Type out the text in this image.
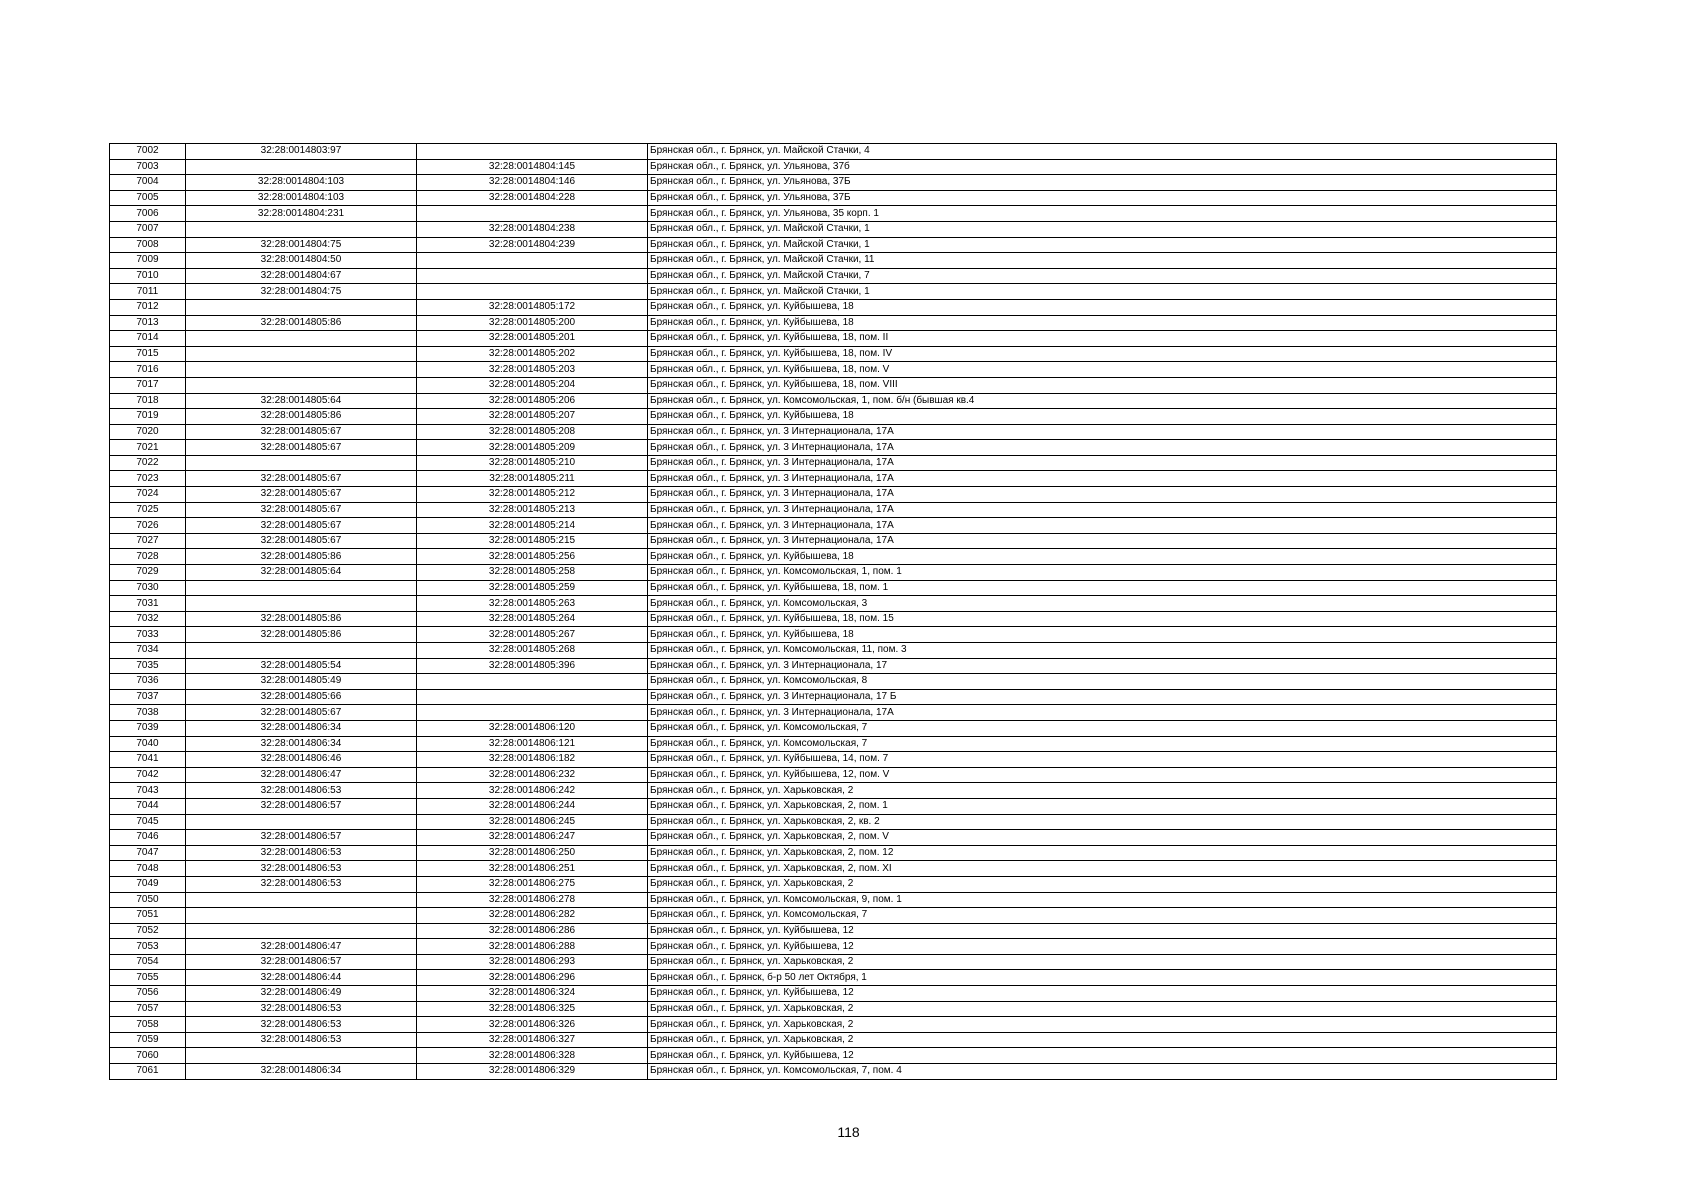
7002	32:28:0014803:97		Брянская обл., г. Брянск, ул. Майской Стачки, 4
7003		32:28:0014804:145	Брянская обл., г. Брянск, ул. Ульянова, 37б
7004	32:28:0014804:103	32:28:0014804:146	Брянская обл., г. Брянск, ул. Ульянова, 37Б
7005	32:28:0014804:103	32:28:0014804:228	Брянская обл., г. Брянск, ул. Ульянова, 37Б
7006	32:28:0014804:231		Брянская обл., г. Брянск, ул. Ульянова, 35 корп. 1
7007		32:28:0014804:238	Брянская обл., г. Брянск, ул. Майской Стачки, 1
7008	32:28:0014804:75	32:28:0014804:239	Брянская обл., г. Брянск, ул. Майской Стачки, 1
7009	32:28:0014804:50		Брянская обл., г. Брянск, ул. Майской Стачки, 11
7010	32:28:0014804:67		Брянская обл., г. Брянск, ул. Майской Стачки, 7
7011	32:28:0014804:75		Брянская обл., г. Брянск, ул. Майской Стачки, 1
7012		32:28:0014805:172	Брянская обл., г. Брянск, ул. Куйбышева, 18
7013	32:28:0014805:86	32:28:0014805:200	Брянская обл., г. Брянск, ул. Куйбышева, 18
7014		32:28:0014805:201	Брянская обл., г. Брянск, ул. Куйбышева, 18, пом. II
7015		32:28:0014805:202	Брянская обл., г. Брянск, ул. Куйбышева, 18, пом. IV
7016		32:28:0014805:203	Брянская обл., г. Брянск, ул. Куйбышева, 18, пом. V
7017		32:28:0014805:204	Брянская обл., г. Брянск, ул. Куйбышева, 18, пом. VIII
7018	32:28:0014805:64	32:28:0014805:206	Брянская обл., г. Брянск, ул. Комсомольская, 1, пом. б/н (бывшая кв.4
7019	32:28:0014805:86	32:28:0014805:207	Брянская обл., г. Брянск, ул. Куйбышева, 18
7020	32:28:0014805:67	32:28:0014805:208	Брянская обл., г. Брянск, ул. 3 Интернационала, 17А
7021	32:28:0014805:67	32:28:0014805:209	Брянская обл., г. Брянск, ул. 3 Интернационала, 17А
7022		32:28:0014805:210	Брянская обл., г. Брянск, ул. 3 Интернационала, 17А
7023	32:28:0014805:67	32:28:0014805:211	Брянская обл., г. Брянск, ул. 3 Интернационала, 17А
7024	32:28:0014805:67	32:28:0014805:212	Брянская обл., г. Брянск, ул. 3 Интернационала, 17А
7025	32:28:0014805:67	32:28:0014805:213	Брянская обл., г. Брянск, ул. 3 Интернационала, 17А
7026	32:28:0014805:67	32:28:0014805:214	Брянская обл., г. Брянск, ул. 3 Интернационала, 17А
7027	32:28:0014805:67	32:28:0014805:215	Брянская обл., г. Брянск, ул. 3 Интернационала, 17А
7028	32:28:0014805:86	32:28:0014805:256	Брянская обл., г. Брянск, ул. Куйбышева, 18
7029	32:28:0014805:64	32:28:0014805:258	Брянская обл., г. Брянск, ул. Комсомольская, 1, пом. 1
7030		32:28:0014805:259	Брянская обл., г. Брянск, ул. Куйбышева, 18, пом. 1
7031		32:28:0014805:263	Брянская обл., г. Брянск, ул. Комсомольская, 3
7032	32:28:0014805:86	32:28:0014805:264	Брянская обл., г. Брянск, ул. Куйбышева, 18, пом. 15
7033	32:28:0014805:86	32:28:0014805:267	Брянская обл., г. Брянск, ул. Куйбышева, 18
7034		32:28:0014805:268	Брянская обл., г. Брянск, ул. Комсомольская, 11, пом. 3
7035	32:28:0014805:54	32:28:0014805:396	Брянская обл., г. Брянск, ул. 3 Интернационала, 17
7036	32:28:0014805:49		Брянская обл., г. Брянск, ул. Комсомольская, 8
7037	32:28:0014805:66		Брянская обл., г. Брянск, ул. 3 Интернационала, 17 Б
7038	32:28:0014805:67		Брянская обл., г. Брянск, ул. 3 Интернационала, 17А
7039	32:28:0014806:34	32:28:0014806:120	Брянская обл., г. Брянск, ул. Комсомольская, 7
7040	32:28:0014806:34	32:28:0014806:121	Брянская обл., г. Брянск, ул. Комсомольская, 7
7041	32:28:0014806:46	32:28:0014806:182	Брянская обл., г. Брянск, ул. Куйбышева, 14, пом. 7
7042	32:28:0014806:47	32:28:0014806:232	Брянская обл., г. Брянск, ул. Куйбышева, 12, пом. V
7043	32:28:0014806:53	32:28:0014806:242	Брянская обл., г. Брянск, ул. Харьковская, 2
7044	32:28:0014806:57	32:28:0014806:244	Брянская обл., г. Брянск, ул. Харьковская, 2, пом. 1
7045		32:28:0014806:245	Брянская обл., г. Брянск, ул. Харьковская, 2, кв. 2
7046	32:28:0014806:57	32:28:0014806:247	Брянская обл., г. Брянск, ул. Харьковская, 2, пом. V
7047	32:28:0014806:53	32:28:0014806:250	Брянская обл., г. Брянск, ул. Харьковская, 2, пом. 12
7048	32:28:0014806:53	32:28:0014806:251	Брянская обл., г. Брянск, ул. Харьковская, 2, пом. XI
7049	32:28:0014806:53	32:28:0014806:275	Брянская обл., г. Брянск, ул. Харьковская, 2
7050		32:28:0014806:278	Брянская обл., г. Брянск, ул. Комсомольская, 9, пом. 1
7051		32:28:0014806:282	Брянская обл., г. Брянск, ул. Комсомольская, 7
7052		32:28:0014806:286	Брянская обл., г. Брянск, ул. Куйбышева, 12
7053	32:28:0014806:47	32:28:0014806:288	Брянская обл., г. Брянск, ул. Куйбышева, 12
7054	32:28:0014806:57	32:28:0014806:293	Брянская обл., г. Брянск, ул. Харьковская, 2
7055	32:28:0014806:44	32:28:0014806:296	Брянская обл., г. Брянск, б-р 50 лет Октября, 1
7056	32:28:0014806:49	32:28:0014806:324	Брянская обл., г. Брянск, ул. Куйбышева, 12
7057	32:28:0014806:53	32:28:0014806:325	Брянская обл., г. Брянск, ул. Харьковская, 2
7058	32:28:0014806:53	32:28:0014806:326	Брянская обл., г. Брянск, ул. Харьковская, 2
7059	32:28:0014806:53	32:28:0014806:327	Брянская обл., г. Брянск, ул. Харьковская, 2
7060		32:28:0014806:328	Брянская обл., г. Брянск, ул. Куйбышева, 12
7061	32:28:0014806:34	32:28:0014806:329	Брянская обл., г. Брянск, ул. Комсомольская, 7, пом. 4
118
